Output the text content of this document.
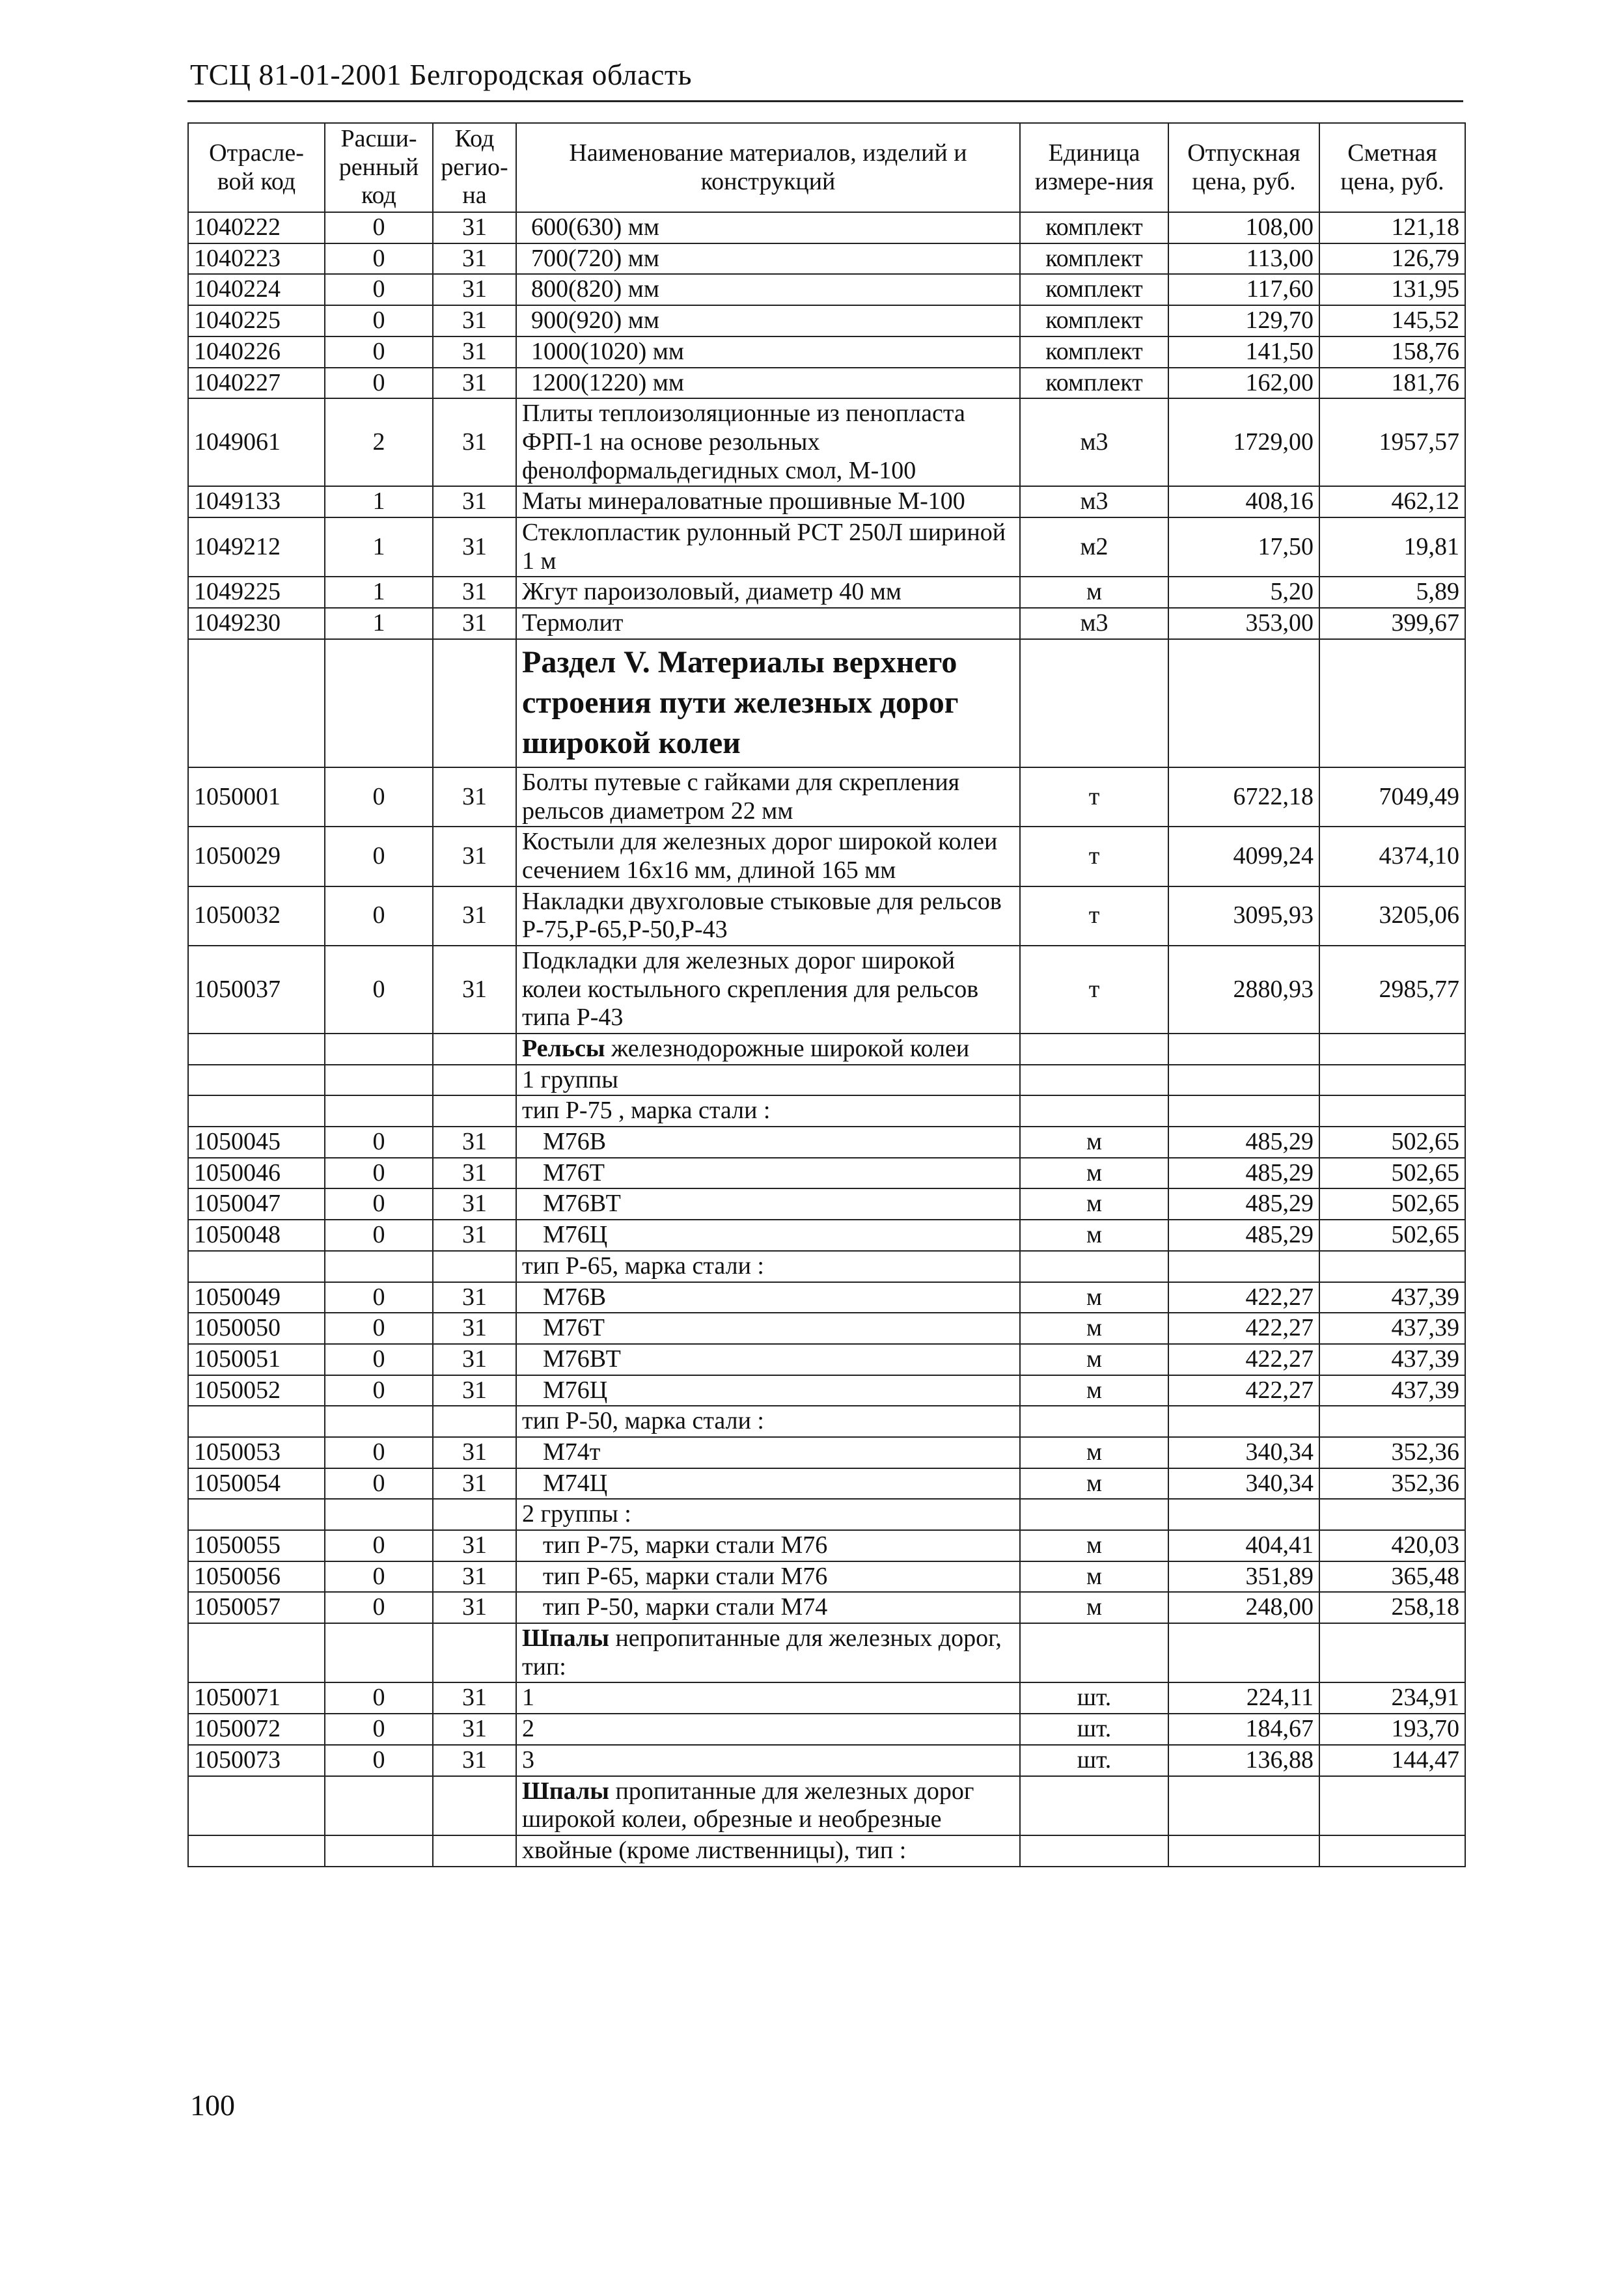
ТСЦ 81-01-2001 Белгородская область
Отрасле-вой код	Расши-ренный код	Код регио-на	Наименование материалов, изделий и конструкций	Единица измере-ния	Отпускная цена, руб.	Сметная цена, руб.
1040222	0	31	600(630) мм	комплект	108,00	121,18
1040223	0	31	700(720) мм	комплект	113,00	126,79
1040224	0	31	800(820) мм	комплект	117,60	131,95
1040225	0	31	900(920) мм	комплект	129,70	145,52
1040226	0	31	1000(1020) мм	комплект	141,50	158,76
1040227	0	31	1200(1220) мм	комплект	162,00	181,76
1049061	2	31	Плиты теплоизоляционные из пенопласта ФРП-1 на основе резольных фенолформальдегидных смол, М-100	м3	1729,00	1957,57
1049133	1	31	Маты минераловатные прошивные М-100	м3	408,16	462,12
1049212	1	31	Стеклопластик рулонный РСТ 250Л шириной 1 м	м2	17,50	19,81
1049225	1	31	Жгут пароизоловый, диаметр 40 мм	м	5,20	5,89
1049230	1	31	Термолит	м3	353,00	399,67
			Раздел V. Материалы верхнего строения пути железных дорог широкой колеи			
1050001	0	31	Болты путевые с гайками для скрепления рельсов диаметром 22 мм	т	6722,18	7049,49
1050029	0	31	Костыли для железных дорог широкой колеи сечением 16х16 мм, длиной 165 мм	т	4099,24	4374,10
1050032	0	31	Накладки двухголовые стыковые для рельсов Р-75,Р-65,Р-50,Р-43	т	3095,93	3205,06
1050037	0	31	Подкладки для железных дорог широкой колеи костыльного скрепления для рельсов типа Р-43	т	2880,93	2985,77
			Рельсы железнодорожные широкой колеи			
			1 группы			
			тип Р-75 , марка стали :			
1050045	0	31	М76В	м	485,29	502,65
1050046	0	31	М76Т	м	485,29	502,65
1050047	0	31	М76ВТ	м	485,29	502,65
1050048	0	31	М76Ц	м	485,29	502,65
			тип Р-65, марка стали :			
1050049	0	31	М76В	м	422,27	437,39
1050050	0	31	М76Т	м	422,27	437,39
1050051	0	31	М76ВТ	м	422,27	437,39
1050052	0	31	М76Ц	м	422,27	437,39
			тип Р-50, марка стали :			
1050053	0	31	М74т	м	340,34	352,36
1050054	0	31	М74Ц	м	340,34	352,36
			2 группы :			
1050055	0	31	тип Р-75, марки стали М76	м	404,41	420,03
1050056	0	31	тип Р-65, марки стали М76	м	351,89	365,48
1050057	0	31	тип Р-50, марки стали М74	м	248,00	258,18
			Шпалы непропитанные для железных дорог, тип:			
1050071	0	31	1	шт.	224,11	234,91
1050072	0	31	2	шт.	184,67	193,70
1050073	0	31	3	шт.	136,88	144,47
			Шпалы пропитанные для железных дорог широкой колеи, обрезные и необрезные			
			хвойные (кроме лиственницы), тип :			
100
